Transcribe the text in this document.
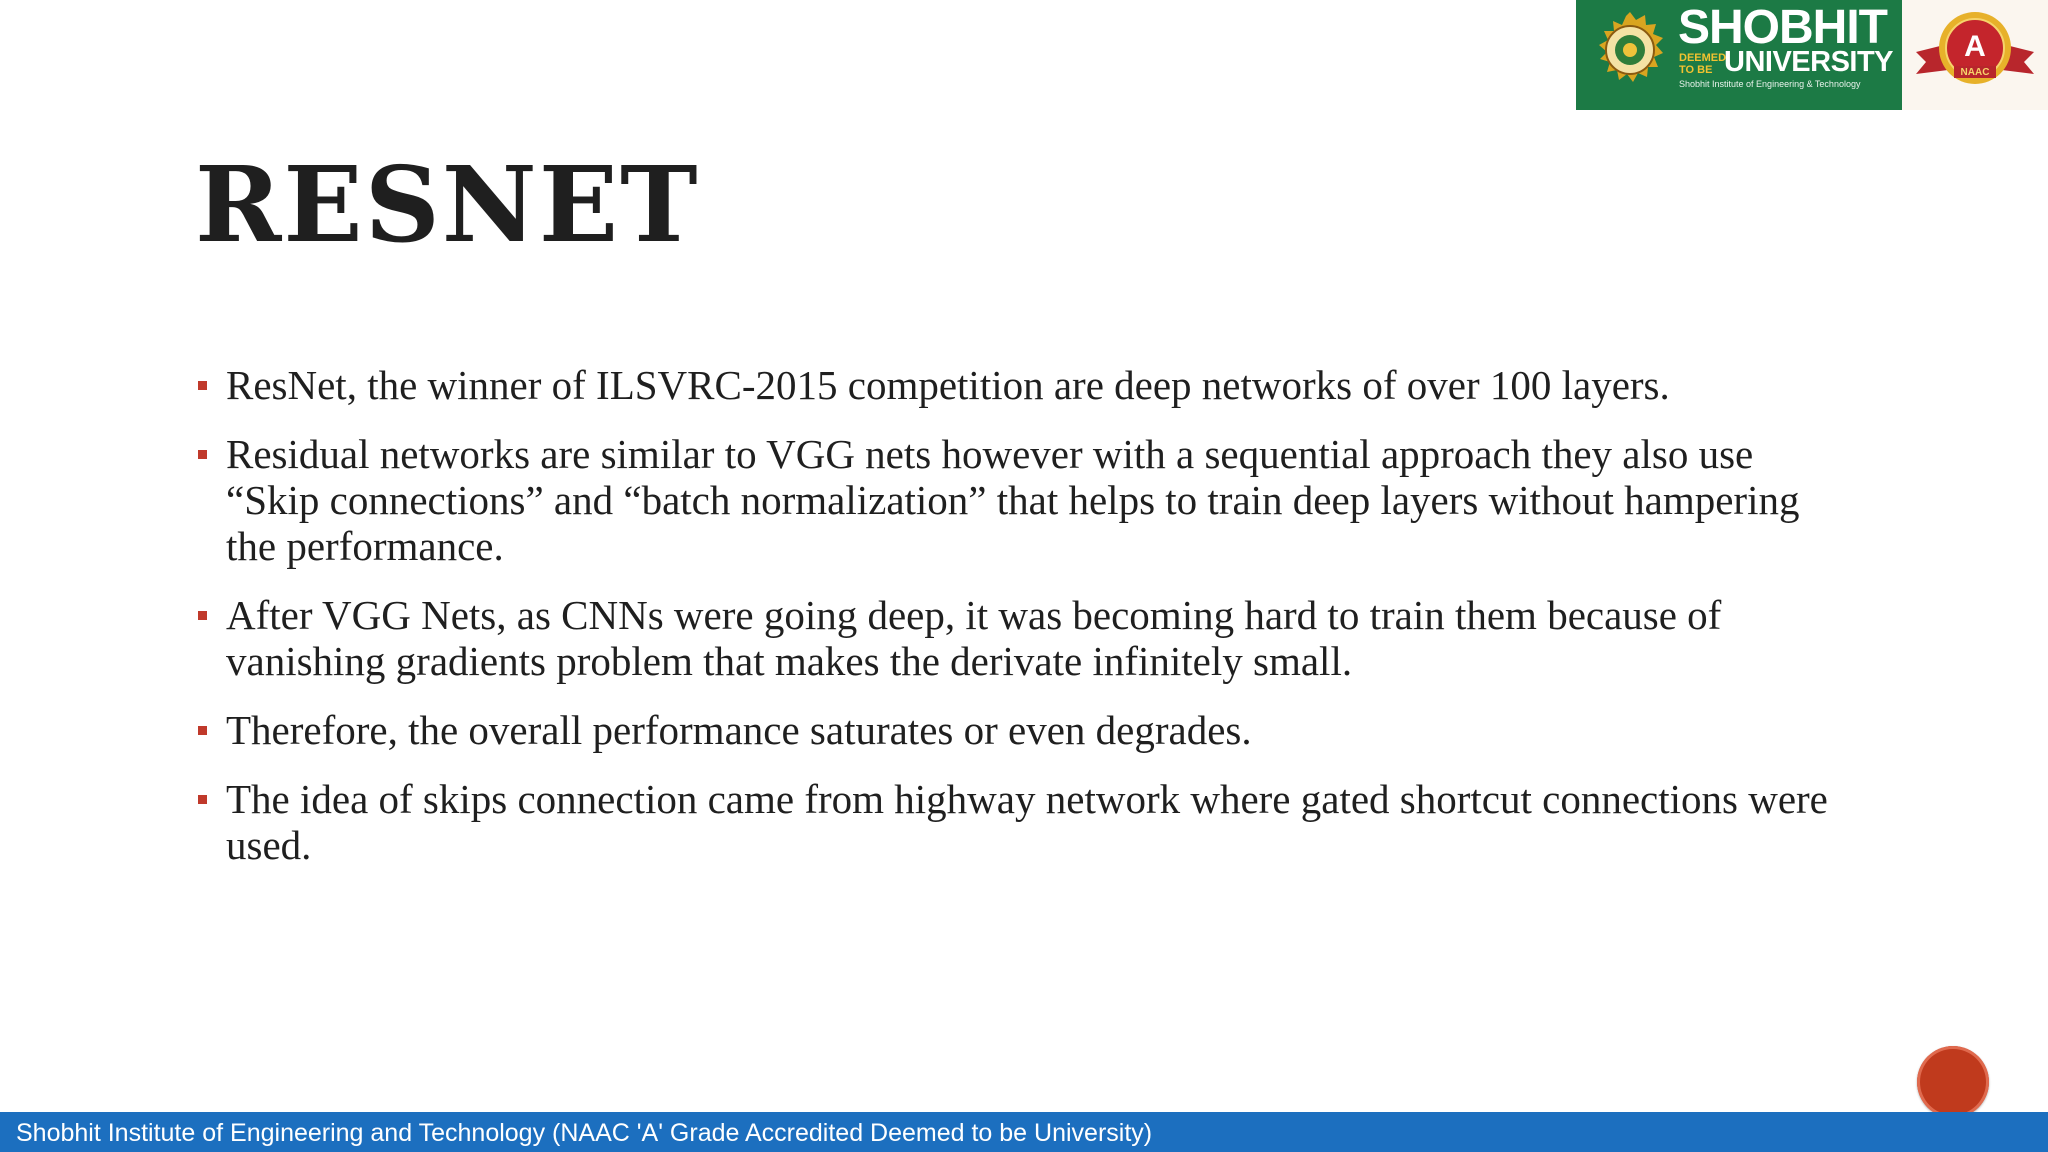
SHOBHIT
DEEMED TO BE UNIVERSITY
Shobhit Institute of Engineering & Technology
A
NAAC
RESNET
ResNet, the winner of ILSVRC-2015 competition are deep networks of over 100 layers.
Residual networks are similar to VGG nets however with a sequential approach they also use “Skip connections” and “batch normalization” that helps to train deep layers without hampering the performance.
After VGG Nets, as CNNs were going deep, it was becoming hard to train them because of vanishing gradients problem that makes the derivate infinitely small.
Therefore, the overall performance saturates or even degrades.
The idea of skips connection came from highway network where gated shortcut connections were used.
Shobhit Institute of Engineering and Technology (NAAC 'A' Grade Accredited Deemed to be University)
